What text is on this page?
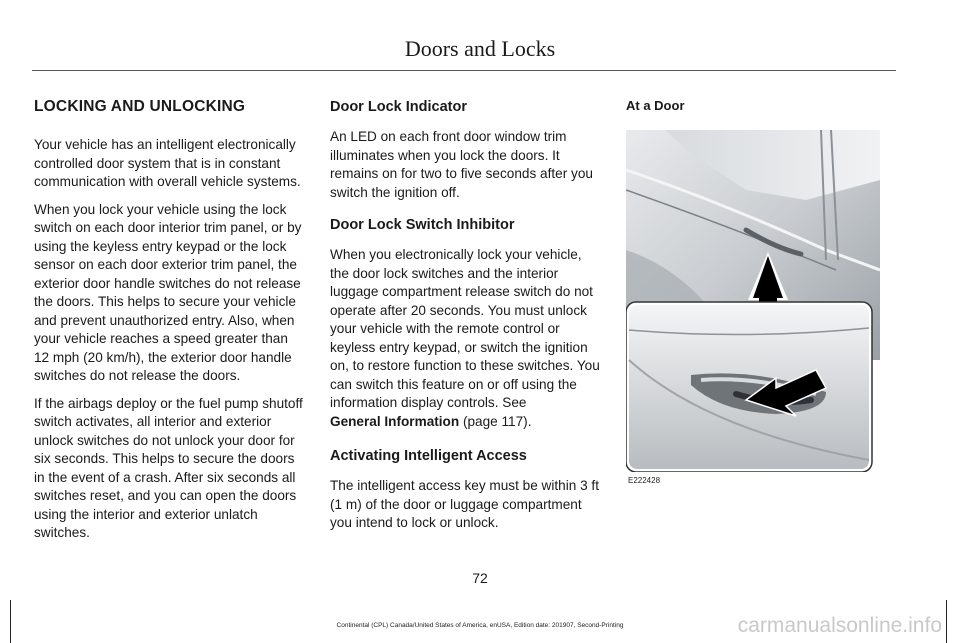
Doors and Locks
LOCKING AND UNLOCKING

Your vehicle has an intelligent electronically controlled door system that is in constant communication with overall vehicle systems.

When you lock your vehicle using the lock switch on each door interior trim panel, or by using the keyless entry keypad or the lock sensor on each door exterior trim panel, the exterior door handle switches do not release the doors. This helps to secure your vehicle and prevent unauthorized entry. Also, when your vehicle reaches a speed greater than 12 mph (20 km/h), the exterior door handle switches do not release the doors.

If the airbags deploy or the fuel pump shutoff switch activates, all interior and exterior unlock switches do not unlock your door for six seconds. This helps to secure the doors in the event of a crash. After six seconds all switches reset, and you can open the doors using the interior and exterior unlatch switches.

Door Lock Indicator

An LED on each front door window trim illuminates when you lock the doors. It remains on for two to five seconds after you switch the ignition off.

Door Lock Switch Inhibitor

When you electronically lock your vehicle, the door lock switches and the interior luggage compartment release switch do not operate after 20 seconds. You must unlock your vehicle with the remote control or keyless entry keypad, or switch the ignition on, to restore function to these switches. You can switch this feature on or off using the information display controls. See
General Information (page 117).

Activating Intelligent Access

The intelligent access key must be within 3 ft (1 m) of the door or luggage compartment you intend to lock or unlock.

At a Door
E222428
72
Continental (CPL) Canada/United States of America, enUSA, Edition date: 201907, Second-Printing	carmanualsonline.info
